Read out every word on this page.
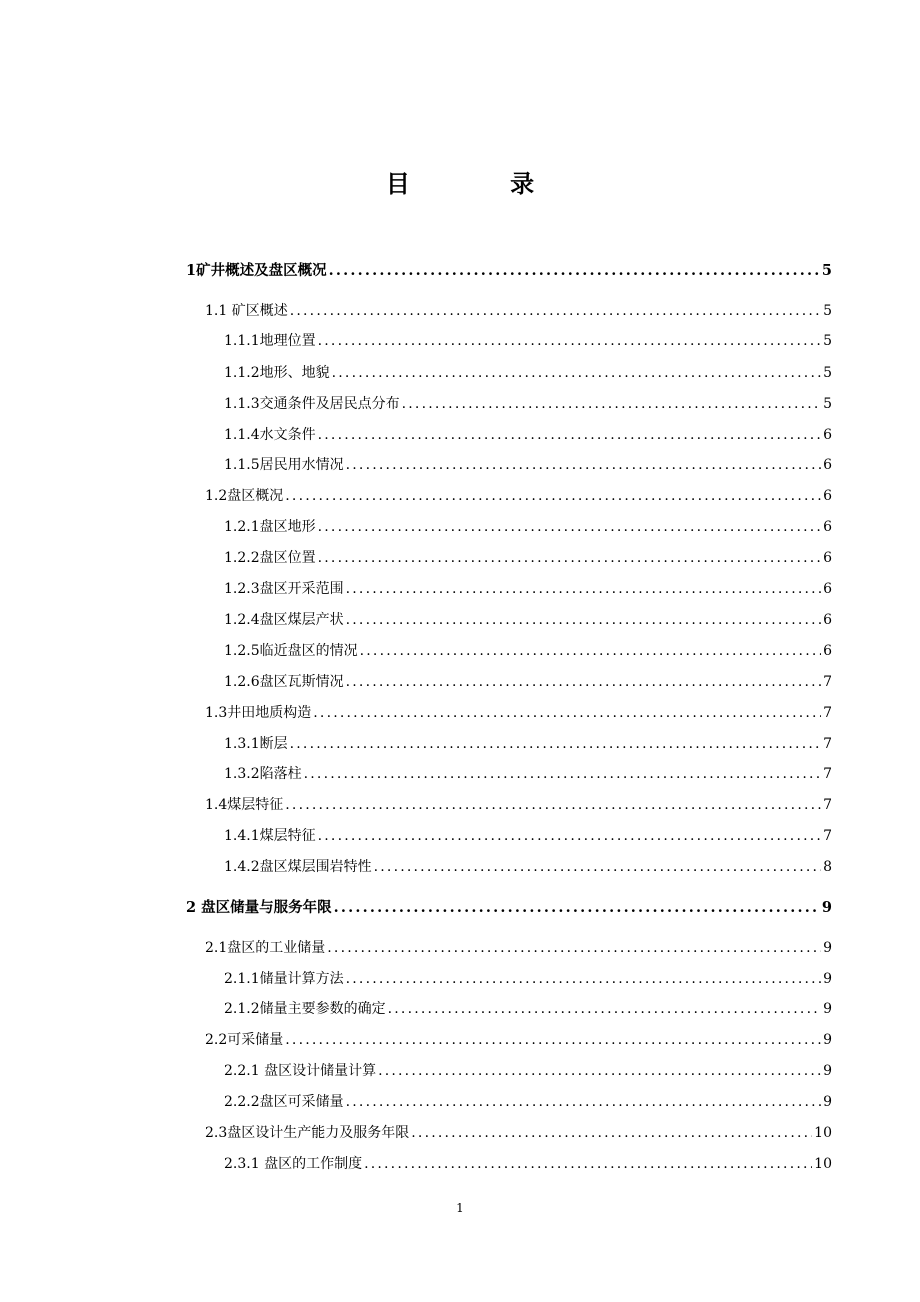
目 录
1矿井概述及盘区概况 .....	5
1.1 矿区概述 .....	5
1.1.1地理位置 .....	5
1.1.2地形、地貌 .....	5
1.1.3交通条件及居民点分布 .....	5
1.1.4水文条件 .....	6
1.1.5居民用水情况 .....	6
1.2盘区概况 .....	6
1.2.1盘区地形 .....	6
1.2.2盘区位置 .....	6
1.2.3盘区开采范围 .....	6
1.2.4盘区煤层产状 .....	6
1.2.5临近盘区的情况 .....	6
1.2.6盘区瓦斯情况 .....	7
1.3井田地质构造 .....	7
1.3.1断层 .....	7
1.3.2陷落柱 .....	7
1.4煤层特征 .....	7
1.4.1煤层特征 .....	7
1.4.2盘区煤层围岩特性 .....	8
2 盘区储量与服务年限 .....	9
2.1盘区的工业储量 .....	9
2.1.1储量计算方法 .....	9
2.1.2储量主要参数的确定 .....	9
2.2可采储量 .....	9
2.2.1 盘区设计储量计算 .....	9
2.2.2盘区可采储量 .....	9
2.3盘区设计生产能力及服务年限 .....	10
2.3.1 盘区的工作制度 .....	10
1
